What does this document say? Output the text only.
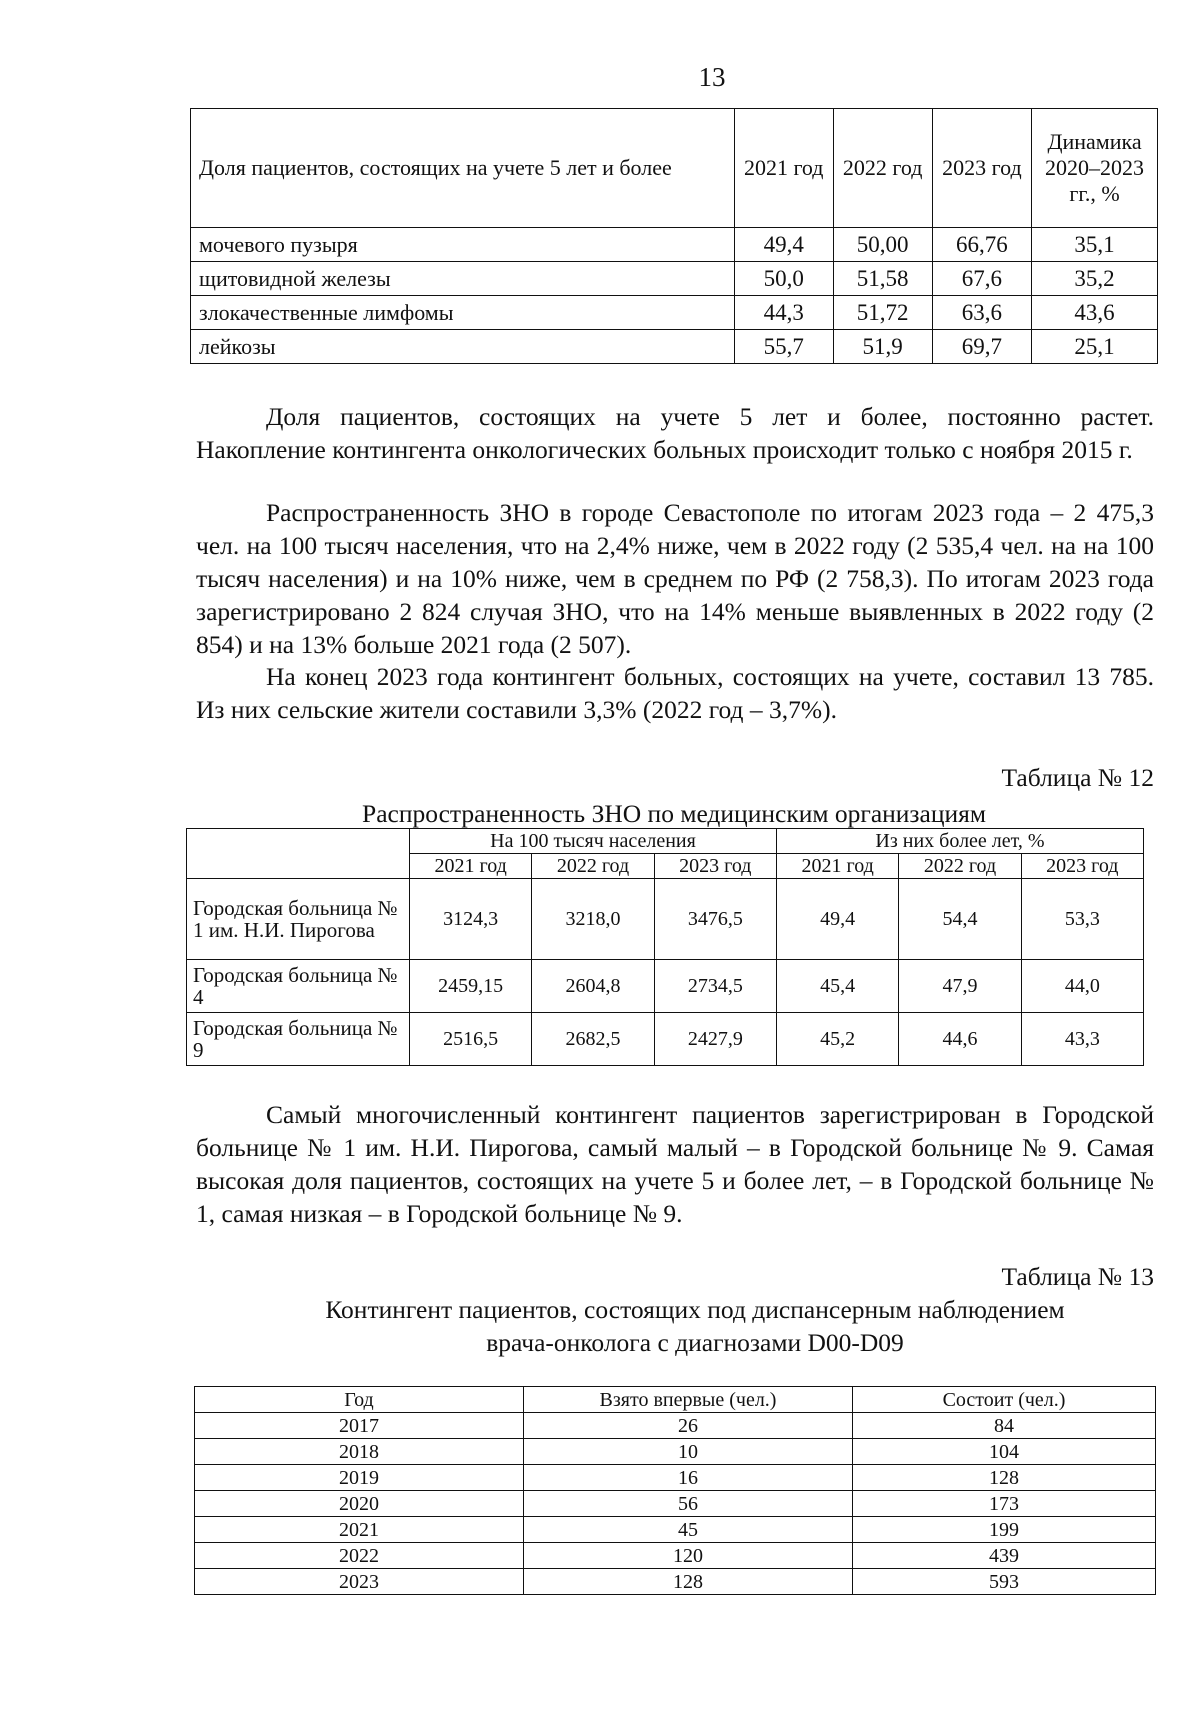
13
Доля пациентов, состоящих на учете 5 лет и более	2021 год	2022 год	2023 год	Динамика 2020–2023 гг., %
мочевого пузыря	49,4	50,00	66,76	35,1
щитовидной железы	50,0	51,58	67,6	35,2
злокачественные лимфомы	44,3	51,72	63,6	43,6
лейкозы	55,7	51,9	69,7	25,1

Доля пациентов, состоящих на учете 5 лет и более, постоянно растет. Накопление контингента онкологических больных происходит только с ноября 2015 г.

Распространенность ЗНО в городе Севастополе по итогам 2023 года – 2 475,3 чел. на 100 тысяч населения, что на 2,4% ниже, чем в 2022 году (2 535,4 чел. на на 100 тысяч населения) и на 10% ниже, чем в среднем по РФ (2 758,3). По итогам 2023 года зарегистрировано 2 824 случая ЗНО, что на 14% меньше выявленных в 2022 году (2 854) и на 13% больше 2021 года (2 507).

На конец 2023 года контингент больных, состоящих на учете, составил 13 785. Из них сельские жители составили 3,3% (2022 год – 3,7%).

Таблица № 12

Распространенность ЗНО по медицинским организациям

	На 100 тысяч населения			Из них более лет, %		
	2021 год	2022 год	2023 год	2021 год	2022 год	2023 год
Городская больница № 1 им. Н.И. Пирогова	3124,3	3218,0	3476,5	49,4	54,4	53,3
Городская больница № 4	2459,15	2604,8	2734,5	45,4	47,9	44,0
Городская больница № 9	2516,5	2682,5	2427,9	45,2	44,6	43,3

Самый многочисленный контингент пациентов зарегистрирован в Городской больнице № 1 им. Н.И. Пирогова, самый малый – в Городской больнице № 9. Самая высокая доля пациентов, состоящих на учете 5 и более лет, – в Городской больнице № 1, самая низкая – в Городской больнице № 9.

Таблица № 13

Контингент пациентов, состоящих под диспансерным наблюдением
врача-онколога с диагнозами D00-D09

Год	Взято впервые (чел.)	Состоит (чел.)
2017	26	84
2018	10	104
2019	16	128
2020	56	173
2021	45	199
2022	120	439
2023	128	593
